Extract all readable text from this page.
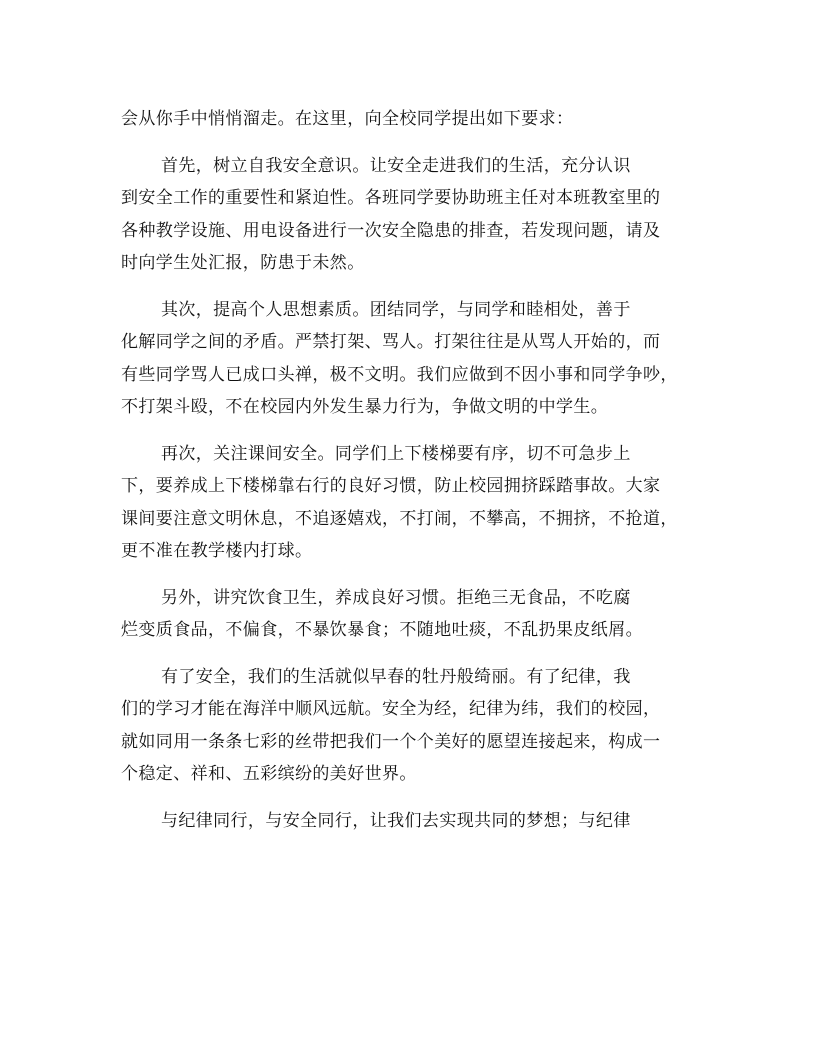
会从你手中悄悄溜走。在这里，向全校同学提出如下要求：

首先，树立自我安全意识。让安全走进我们的生活，充分认识
到安全工作的重要性和紧迫性。各班同学要协助班主任对本班教室里的
各种教学设施、用电设备进行一次安全隐患的排查，若发现问题，请及
时向学生处汇报，防患于未然。

其次，提高个人思想素质。团结同学，与同学和睦相处，善于
化解同学之间的矛盾。严禁打架、骂人。打架往往是从骂人开始的，而
有些同学骂人已成口头禅，极不文明。我们应做到不因小事和同学争吵，
不打架斗殴，不在校园内外发生暴力行为，争做文明的中学生。

再次，关注课间安全。同学们上下楼梯要有序，切不可急步上
下，要养成上下楼梯靠右行的良好习惯，防止校园拥挤踩踏事故。大家
课间要注意文明休息，不追逐嬉戏，不打闹，不攀高，不拥挤，不抢道，
更不准在教学楼内打球。

另外，讲究饮食卫生，养成良好习惯。拒绝三无食品，不吃腐
烂变质食品，不偏食，不暴饮暴食；不随地吐痰，不乱扔果皮纸屑。

有了安全，我们的生活就似早春的牡丹般绮丽。有了纪律，我
们的学习才能在海洋中顺风远航。安全为经，纪律为纬，我们的校园，
就如同用一条条七彩的丝带把我们一个个美好的愿望连接起来，构成一
个稳定、祥和、五彩缤纷的美好世界。

与纪律同行，与安全同行，让我们去实现共同的梦想；与纪律
